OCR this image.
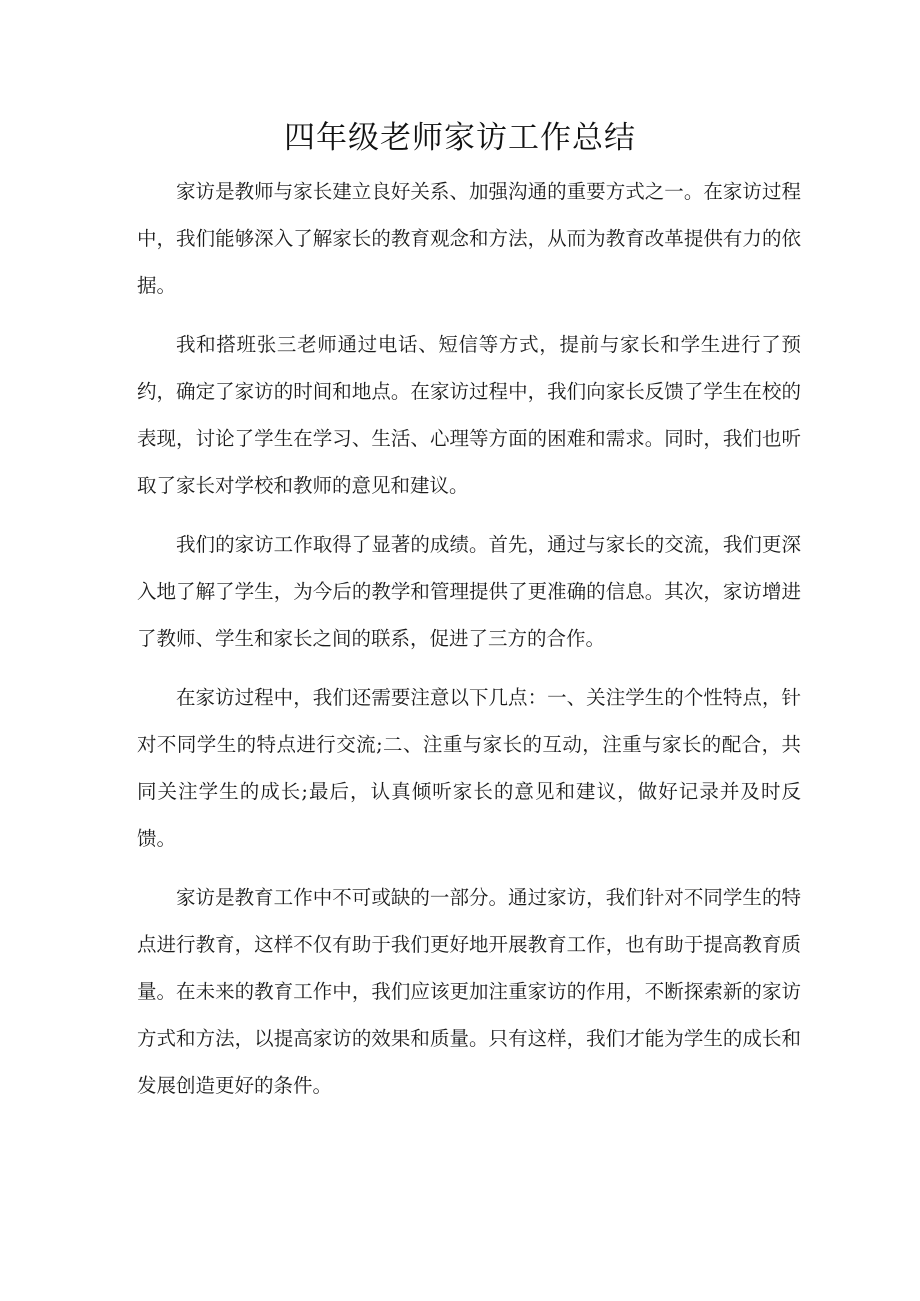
四年级老师家访工作总结

家访是教师与家长建立良好关系、加强沟通的重要方式之一。在家访过程中，我们能够深入了解家长的教育观念和方法，从而为教育改革提供有力的依据。

我和搭班张三老师通过电话、短信等方式，提前与家长和学生进行了预约，确定了家访的时间和地点。在家访过程中，我们向家长反馈了学生在校的表现，讨论了学生在学习、生活、心理等方面的困难和需求。同时，我们也听取了家长对学校和教师的意见和建议。

我们的家访工作取得了显著的成绩。首先，通过与家长的交流，我们更深入地了解了学生，为今后的教学和管理提供了更准确的信息。其次，家访增进了教师、学生和家长之间的联系，促进了三方的合作。

在家访过程中，我们还需要注意以下几点：一、关注学生的个性特点，针对不同学生的特点进行交流;二、注重与家长的互动，注重与家长的配合，共同关注学生的成长;最后，认真倾听家长的意见和建议，做好记录并及时反馈。

家访是教育工作中不可或缺的一部分。通过家访，我们针对不同学生的特点进行教育，这样不仅有助于我们更好地开展教育工作，也有助于提高教育质量。在未来的教育工作中，我们应该更加注重家访的作用，不断探索新的家访方式和方法，以提高家访的效果和质量。只有这样，我们才能为学生的成长和发展创造更好的条件。
